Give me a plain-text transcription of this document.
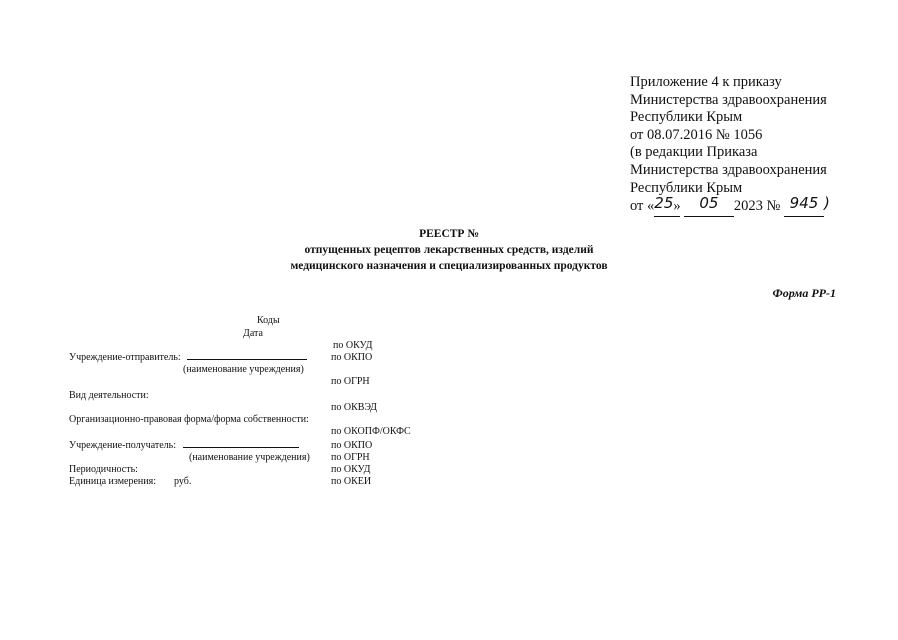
Приложение 4 к приказу
Министерства здравоохранения
Республики Крым
от 08.07.2016 № 1056
(в редакции Приказа
Министерства здравоохранения
Республики Крым
от «25» 05 2023 № 945 )
РЕЕСТР №
отпущенных рецептов лекарственных средств, изделий
медицинского назначения и специализированных продуктов
Форма РР-1
Коды
Дата
Учреждение-отправитель:
(наименование учреждения)
Вид деятельности:
Организационно-правовая форма/форма собственности:
Учреждение-получатель:
(наименование учреждения)
Периодичность:
Единица измерения: руб.
по ОКУД
по ОКПО
по ОГРН
по ОКВЭД
по ОКОПФ/ОКФС
по ОКПО
по ОГРН
по ОКУД
по ОКЕИ
